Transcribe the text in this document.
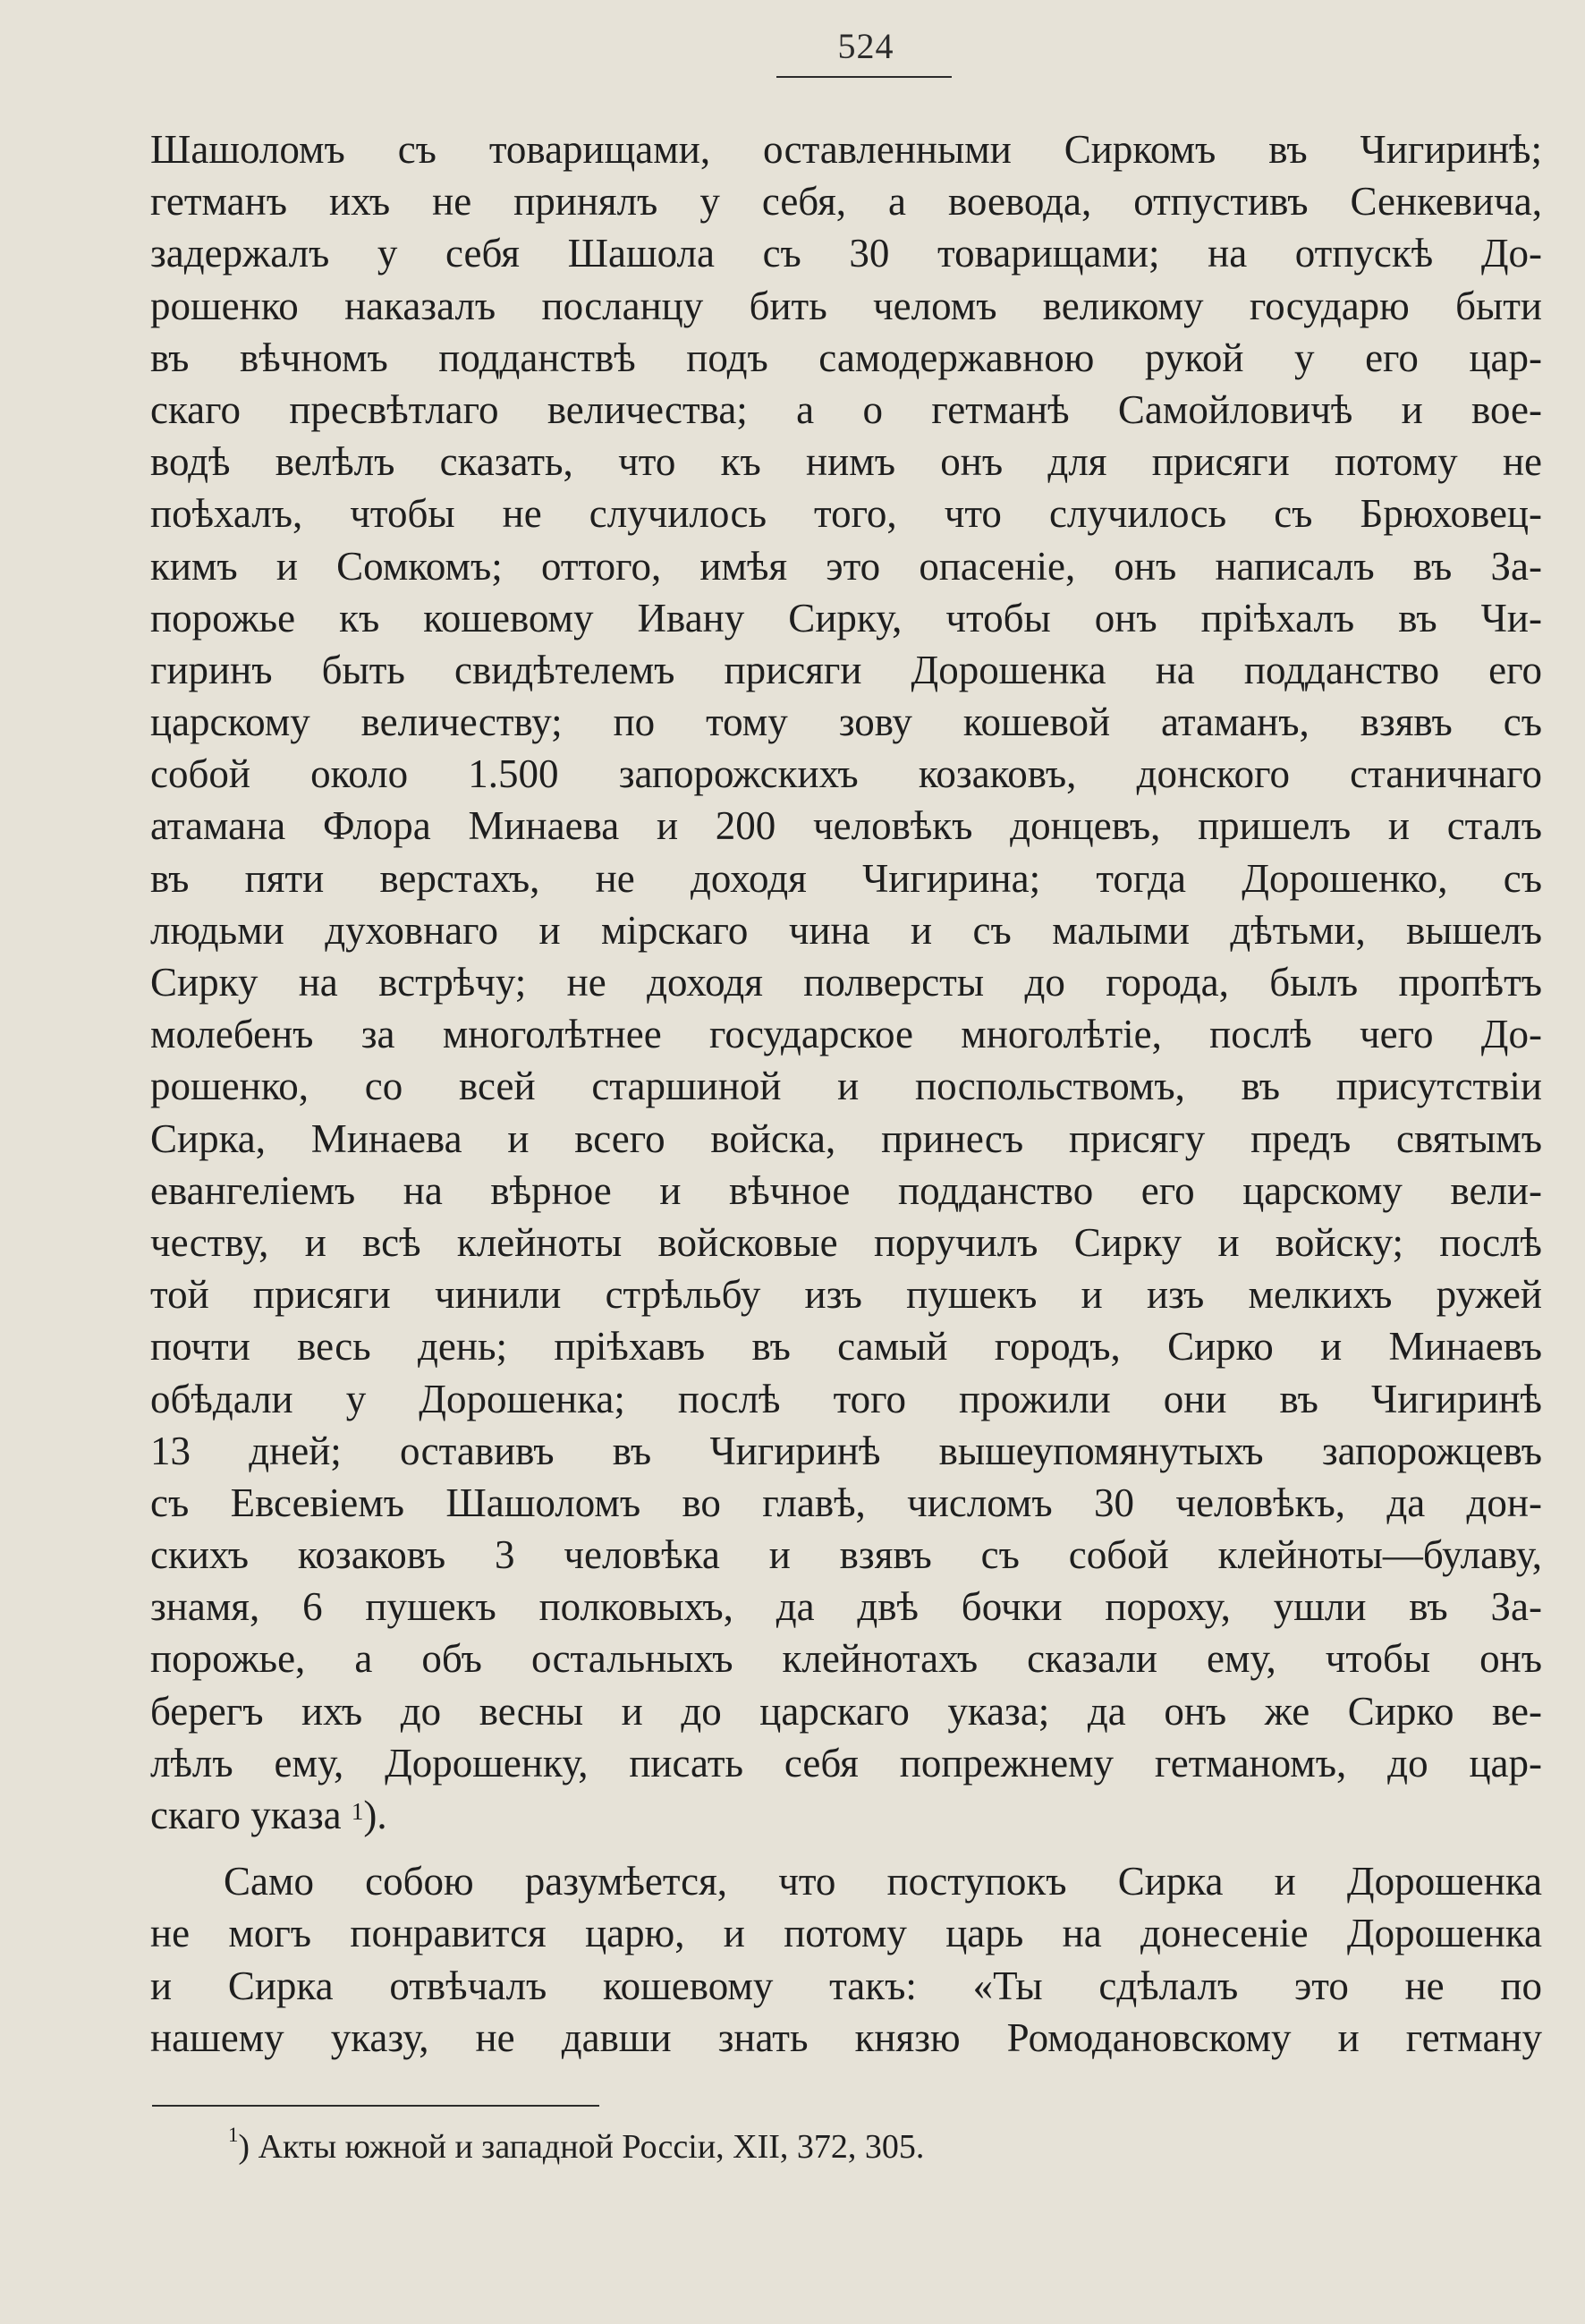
524
Шашоломъ съ товарищами, оставленными Сиркомъ въ Чигиринѣ;
гетманъ ихъ не принялъ у себя, а воевода, отпустивъ Сенкевича,
задержалъ у себя Шашола съ 30 товарищами; на отпускѣ До-
рошенко наказалъ посланцу бить челомъ великому государю быти
въ вѣчномъ подданствѣ подъ самодержавною рукой у его цар-
скаго пресвѣтлаго величества; а о гетманѣ Самойловичѣ и вое-
водѣ велѣлъ сказать, что къ нимъ онъ для присяги потому не
поѣхалъ, чтобы не случилось того, что случилось съ Брюховец-
кимъ и Сомкомъ; оттого, имѣя это опасеніе, онъ написалъ въ За-
порожье къ кошевому Ивану Сирку, чтобы онъ пріѣхалъ въ Чи-
гиринъ быть свидѣтелемъ присяги Дорошенка на подданство его
царскому величеству; по тому зову кошевой атаманъ, взявъ съ
собой около 1.500 запорожскихъ козаковъ, донского станичнаго
атамана Флора Минаева и 200 человѣкъ донцевъ, пришелъ и сталъ
въ пяти верстахъ, не доходя Чигирина; тогда Дорошенко, съ
людьми духовнаго и мірскаго чина и съ малыми дѣтьми, вышелъ
Сирку на встрѣчу; не доходя полверсты до города, былъ пропѣтъ
молебенъ за многолѣтнее государское многолѣтіе, послѣ чего До-
рошенко, со всей старшиной и поспольствомъ, въ присутствіи
Сирка, Минаева и всего войска, принесъ присягу предъ святымъ
евангеліемъ на вѣрное и вѣчное подданство его царскому вели-
честву, и всѣ клейноты войсковые поручилъ Сирку и войску; послѣ
той присяги чинили стрѣльбу изъ пушекъ и изъ мелкихъ ружей
почти весь день; пріѣхавъ въ самый городъ, Сирко и Минаевъ
обѣдали у Дорошенка; послѣ того прожили они въ Чигиринѣ
13 дней; оставивъ въ Чигиринѣ вышеупомянутыхъ запорожцевъ
съ Евсевіемъ Шашоломъ во главѣ, числомъ 30 человѣкъ, да дон-
скихъ козаковъ 3 человѣка и взявъ съ собой клейноты—булаву,
знамя, 6 пушекъ полковыхъ, да двѣ бочки пороху, ушли въ За-
порожье, а объ остальныхъ клейнотахъ сказали ему, чтобы онъ
берегъ ихъ до весны и до царскаго указа; да онъ же Сирко ве-
лѣлъ ему, Дорошенку, писать себя попрежнему гетманомъ, до цар-
скаго указа $^1$).
Само собою разумѣется, что поступокъ Сирка и Дорошенка
не могъ понравится царю, и потому царь на донесеніе Дорошенка
и Сирка отвѣчалъ кошевому такъ: «Ты сдѣлалъ это не по
нашему указу, не давши знать князю Ромодановскому и гетману
$^1$) Акты южной и западной Россіи, XII, 372, 305.
